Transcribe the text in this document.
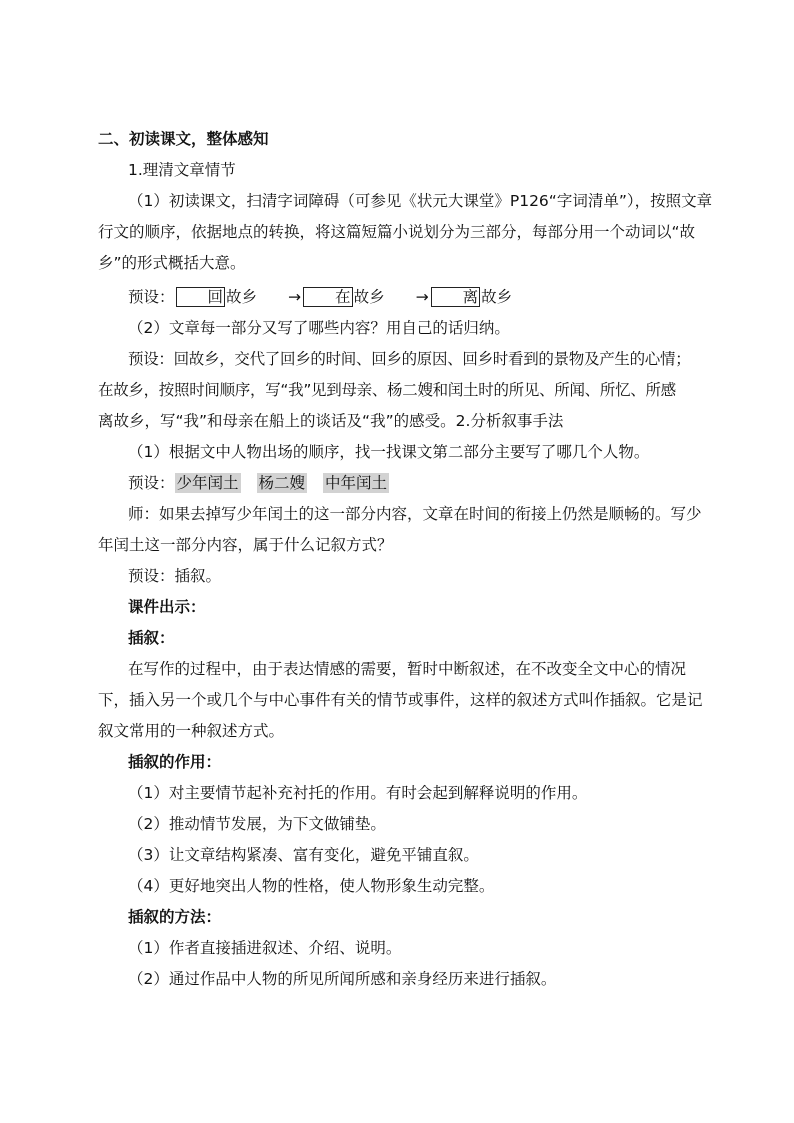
二、初读课文，整体感知

1.理清文章情节

（1）初读课文，扫清字词障碍（可参见《状元大课堂》P126“字词清单”），按照文章行文的顺序，依据地点的转换，将这篇短篇小说划分为三部分，每部分用一个动词以“故乡”的形式概括大意。

预设： 回 故乡 → 在 故乡 → 离 故乡

（2）文章每一部分又写了哪些内容？用自己的话归纳。

预设：回故乡，交代了回乡的时间、回乡的原因、回乡时看到的景物及产生的心情；

在故乡，按照时间顺序，写“我”见到母亲、杨二嫂和闰土时的所见、所闻、所忆、所感

离故乡，写“我”和母亲在船上的谈话及“我”的感受。2.分析叙事手法

（1）根据文中人物出场的顺序，找一找课文第二部分主要写了哪几个人物。

预设： 少年闰土 杨二嫂 中年闰土

师：如果去掉写少年闰土的这一部分内容，文章在时间的衔接上仍然是顺畅的。写少年闰土这一部分内容，属于什么记叙方式？

预设：插叙。

课件出示：

插叙：

在写作的过程中，由于表达情感的需要，暂时中断叙述，在不改变全文中心的情况下，插入另一个或几个与中心事件有关的情节或事件，这样的叙述方式叫作插叙。它是记叙文常用的一种叙述方式。

插叙的作用：

（1）对主要情节起补充衬托的作用。有时会起到解释说明的作用。

（2）推动情节发展，为下文做铺垫。

（3）让文章结构紧凑、富有变化，避免平铺直叙。

（4）更好地突出人物的性格，使人物形象生动完整。

插叙的方法：

（1）作者直接插进叙述、介绍、说明。

（2）通过作品中人物的所见所闻所感和亲身经历来进行插叙。
